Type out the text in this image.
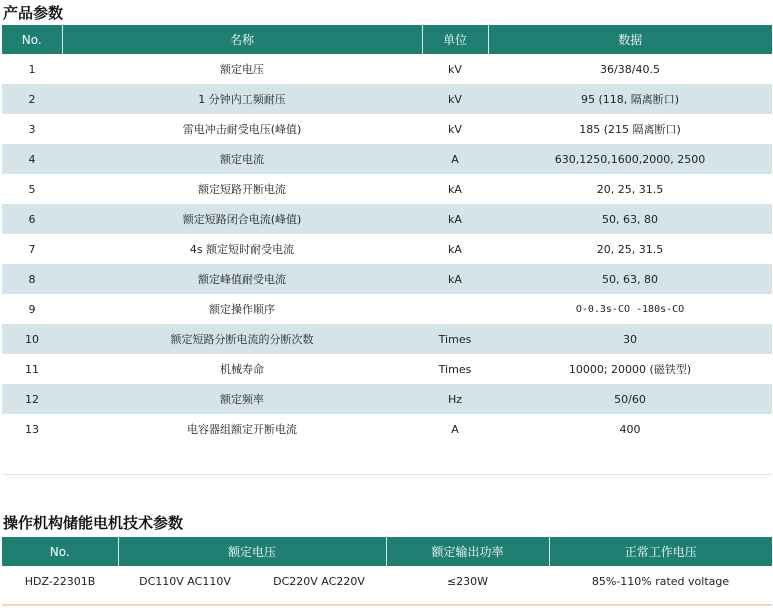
产品参数
No.	名称	单位	数据
1	额定电压	kV	36/38/40.5
2	1 分钟内工频耐压	kV	95 (118, 隔离断口)
3	雷电冲击耐受电压(峰值)	kV	185 (215 隔离断口)
4	额定电流	A	630,1250,1600,2000, 2500
5	额定短路开断电流	kA	20, 25, 31.5
6	额定短路闭合电流(峰值)	kA	50, 63, 80
7	4s 额定短时耐受电流	kA	20, 25, 31.5
8	额定峰值耐受电流	kA	50, 63, 80
9	额定操作顺序		O-0.3s-CO -180s-CO
10	额定短路分断电流的分断次数	Times	30
11	机械寿命	Times	10000; 20000 (磁铁型)
12	额定频率	Hz	50/60
13	电容器组额定开断电流	A	400
操作机构储能电机技术参数
No.	额定电压	额定输出功率	正常工作电压
HDZ-22301B	DC110V AC110V DC220V AC220V	≤230W	85%-110% rated voltage
